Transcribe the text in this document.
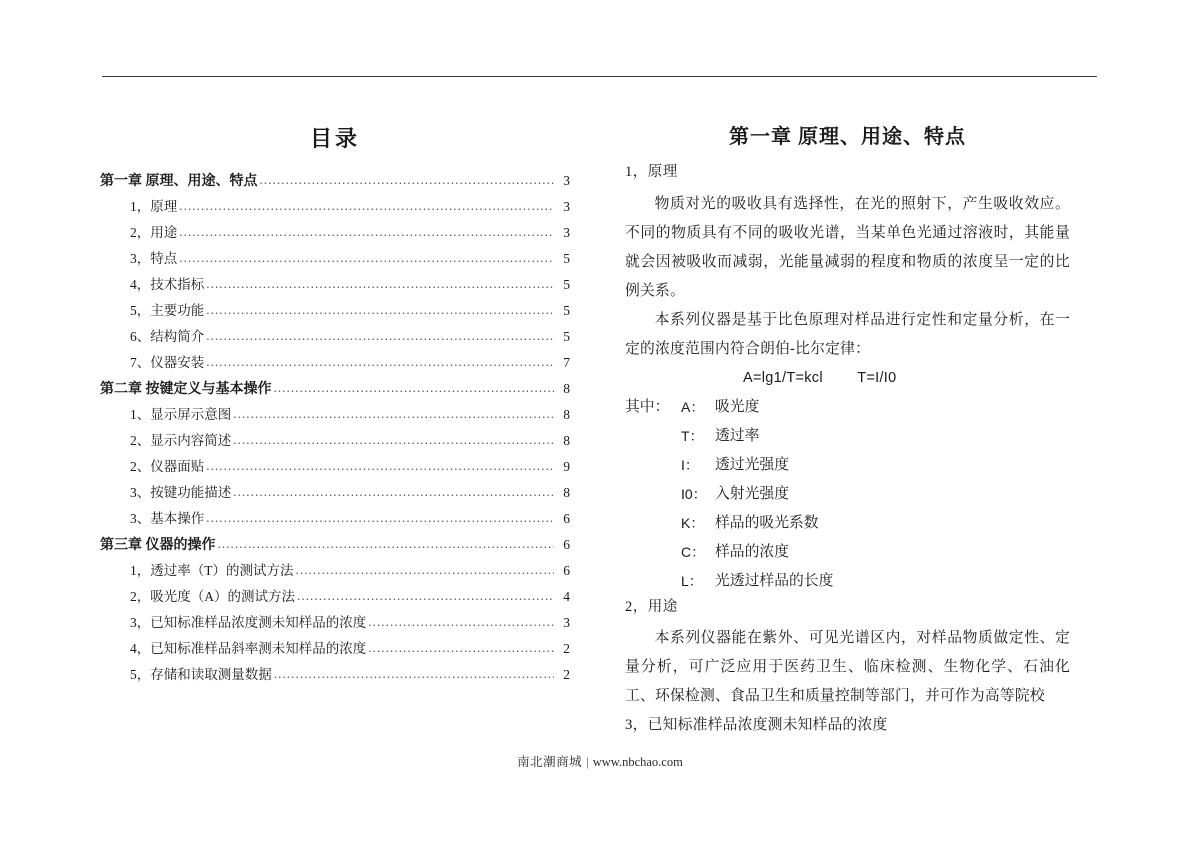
目录
第一章 原理、用途、特点 .....	3
1，原理 .....	3
2，用途 .....	3
3，特点 .....	5
4，技术指标 .....	5
5，主要功能 .....	5
6、结构简介 .....	5
7、仪器安装 .....	7
第二章 按键定义与基本操作 .....	8
1、显示屏示意图 .....	8
2、显示内容简述 .....	8
2、仪器面贴 .....	9
3、按键功能描述 .....	8
3、基本操作 .....	6
第三章 仪器的操作 .....	6
1，透过率（T）的测试方法 .....	6
2，吸光度（A）的测试方法 .....	4
3，已知标准样品浓度测未知样品的浓度 .....	3
4，已知标准样品斜率测未知样品的浓度 .....	2
5，存储和读取测量数据 .....	2
第一章 原理、用途、特点
1，原理

物质对光的吸收具有选择性，在光的照射下，产生吸收效应。不同的物质具有不同的吸收光谱，当某单色光通过溶液时，其能量就会因被吸收而减弱，光能量减弱的程度和物质的浓度呈一定的比例关系。

本系列仪器是基于比色原理对样品进行定性和定量分析，在一定的浓度范围内符合朗伯-比尔定律：

A=lg1/T=kcl        T=I/I0
其中： A： 吸光度
T： 透过率
I：	透过光强度
I0： 入射光强度
K： 样品的吸光系数
C： 样品的浓度
L： 光透过样品的长度
2，用途

本系列仪器能在紫外、可见光谱区内，对样品物质做定性、定量分析，可广泛应用于医药卫生、临床检测、生物化学、石油化工、环保检测、食品卫生和质量控制等部门，并可作为高等院校

3，已知标准样品浓度测未知样品的浓度
南北潮商城 | www.nbchao.com
